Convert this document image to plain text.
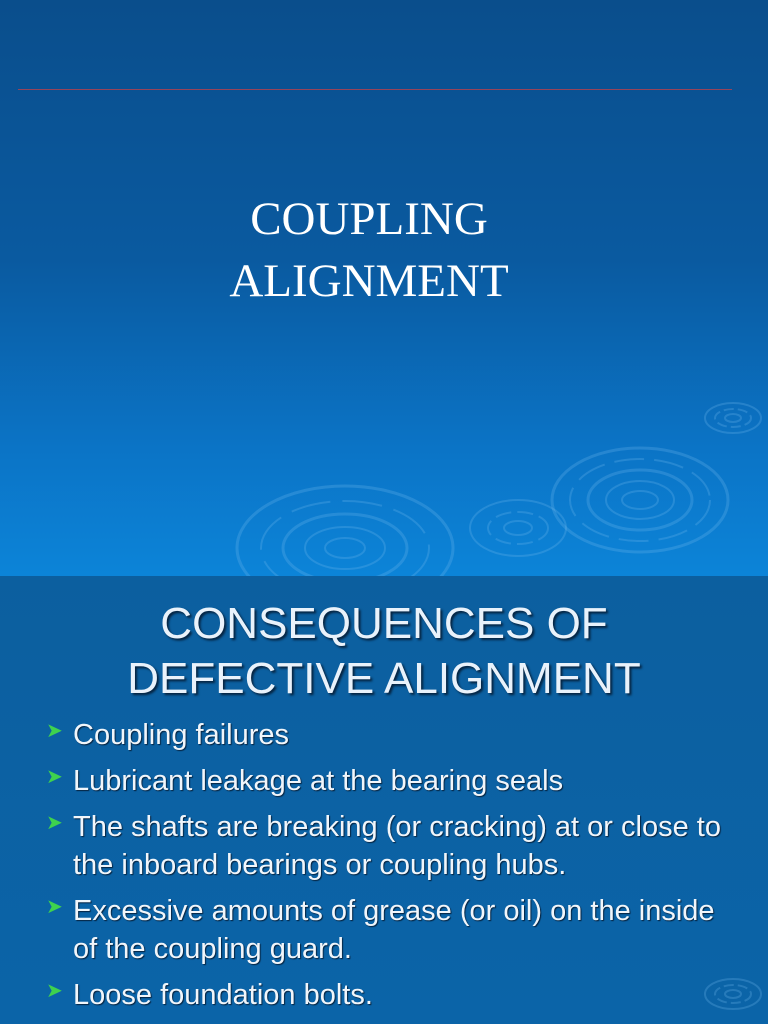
COUPLING
ALIGNMENT
CONSEQUENCES OF
DEFECTIVE ALIGNMENT
➤ Coupling failures
➤ Lubricant leakage at the bearing seals
➤ The shafts are breaking (or cracking) at or close to the inboard bearings or coupling hubs.
➤ Excessive amounts of grease (or oil) on the inside of the coupling guard.
➤ Loose foundation bolts.
